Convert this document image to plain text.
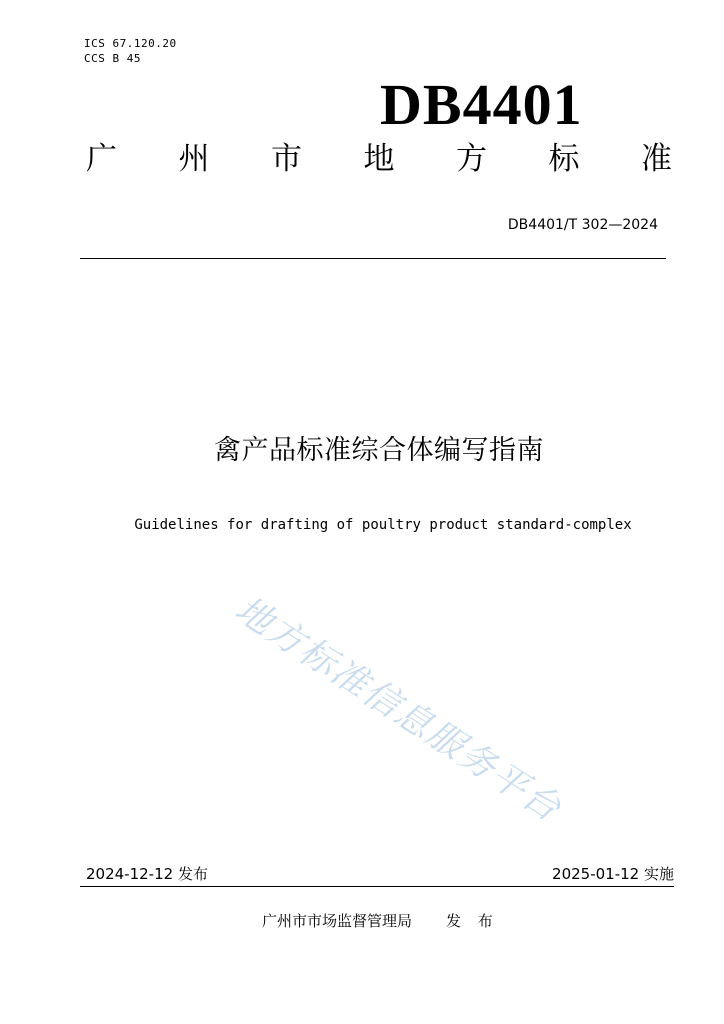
ICS 67.120.20
CCS B 45
DB4401
广 州 市 地 方 标 准
DB4401/T 302—2024
禽产品标准综合体编写指南
Guidelines for drafting of poultry product standard-complex
地方标准信息服务平台
2024-12-12 发布	2025-01-12 实施
广州市市场监督管理局 发 布
